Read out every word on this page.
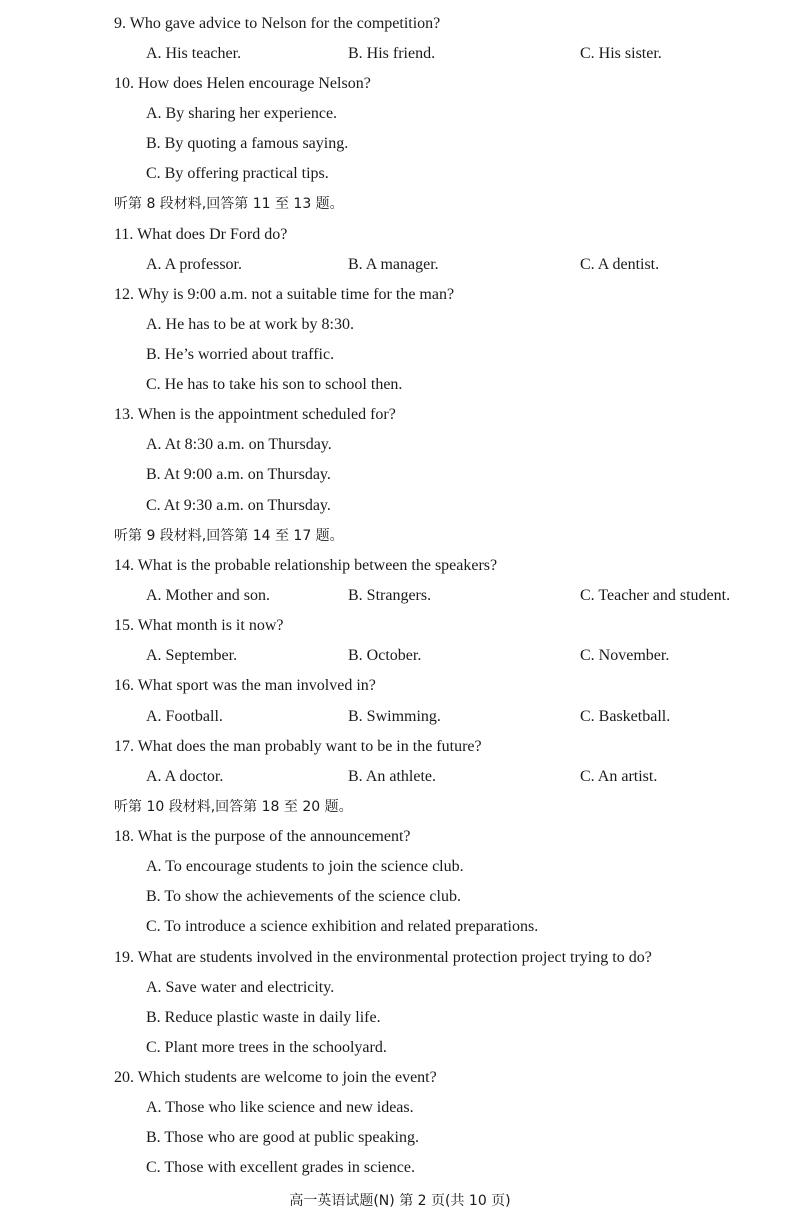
9. Who gave advice to Nelson for the competition?
A. His teacher.	B. His friend.	C. His sister.
10. How does Helen encourage Nelson?
A. By sharing her experience.
B. By quoting a famous saying.
C. By offering practical tips.
听第 8 段材料,回答第 11 至 13 题。
11. What does Dr Ford do?
A. A professor.	B. A manager.	C. A dentist.
12. Why is 9:00 a.m. not a suitable time for the man?
A. He has to be at work by 8:30.
B. He’s worried about traffic.
C. He has to take his son to school then.
13. When is the appointment scheduled for?
A. At 8:30 a.m. on Thursday.
B. At 9:00 a.m. on Thursday.
C. At 9:30 a.m. on Thursday.
听第 9 段材料,回答第 14 至 17 题。
14. What is the probable relationship between the speakers?
A. Mother and son.	B. Strangers.	C. Teacher and student.
15. What month is it now?
A. September.	B. October.	C. November.
16. What sport was the man involved in?
A. Football.	B. Swimming.	C. Basketball.
17. What does the man probably want to be in the future?
A. A doctor.	B. An athlete.	C. An artist.
听第 10 段材料,回答第 18 至 20 题。
18. What is the purpose of the announcement?
A. To encourage students to join the science club.
B. To show the achievements of the science club.
C. To introduce a science exhibition and related preparations.
19. What are students involved in the environmental protection project trying to do?
A. Save water and electricity.
B. Reduce plastic waste in daily life.
C. Plant more trees in the schoolyard.
20. Which students are welcome to join the event?
A. Those who like science and new ideas.
B. Those who are good at public speaking.
C. Those with excellent grades in science.
高一英语试题(N) 第 2 页(共 10 页)
